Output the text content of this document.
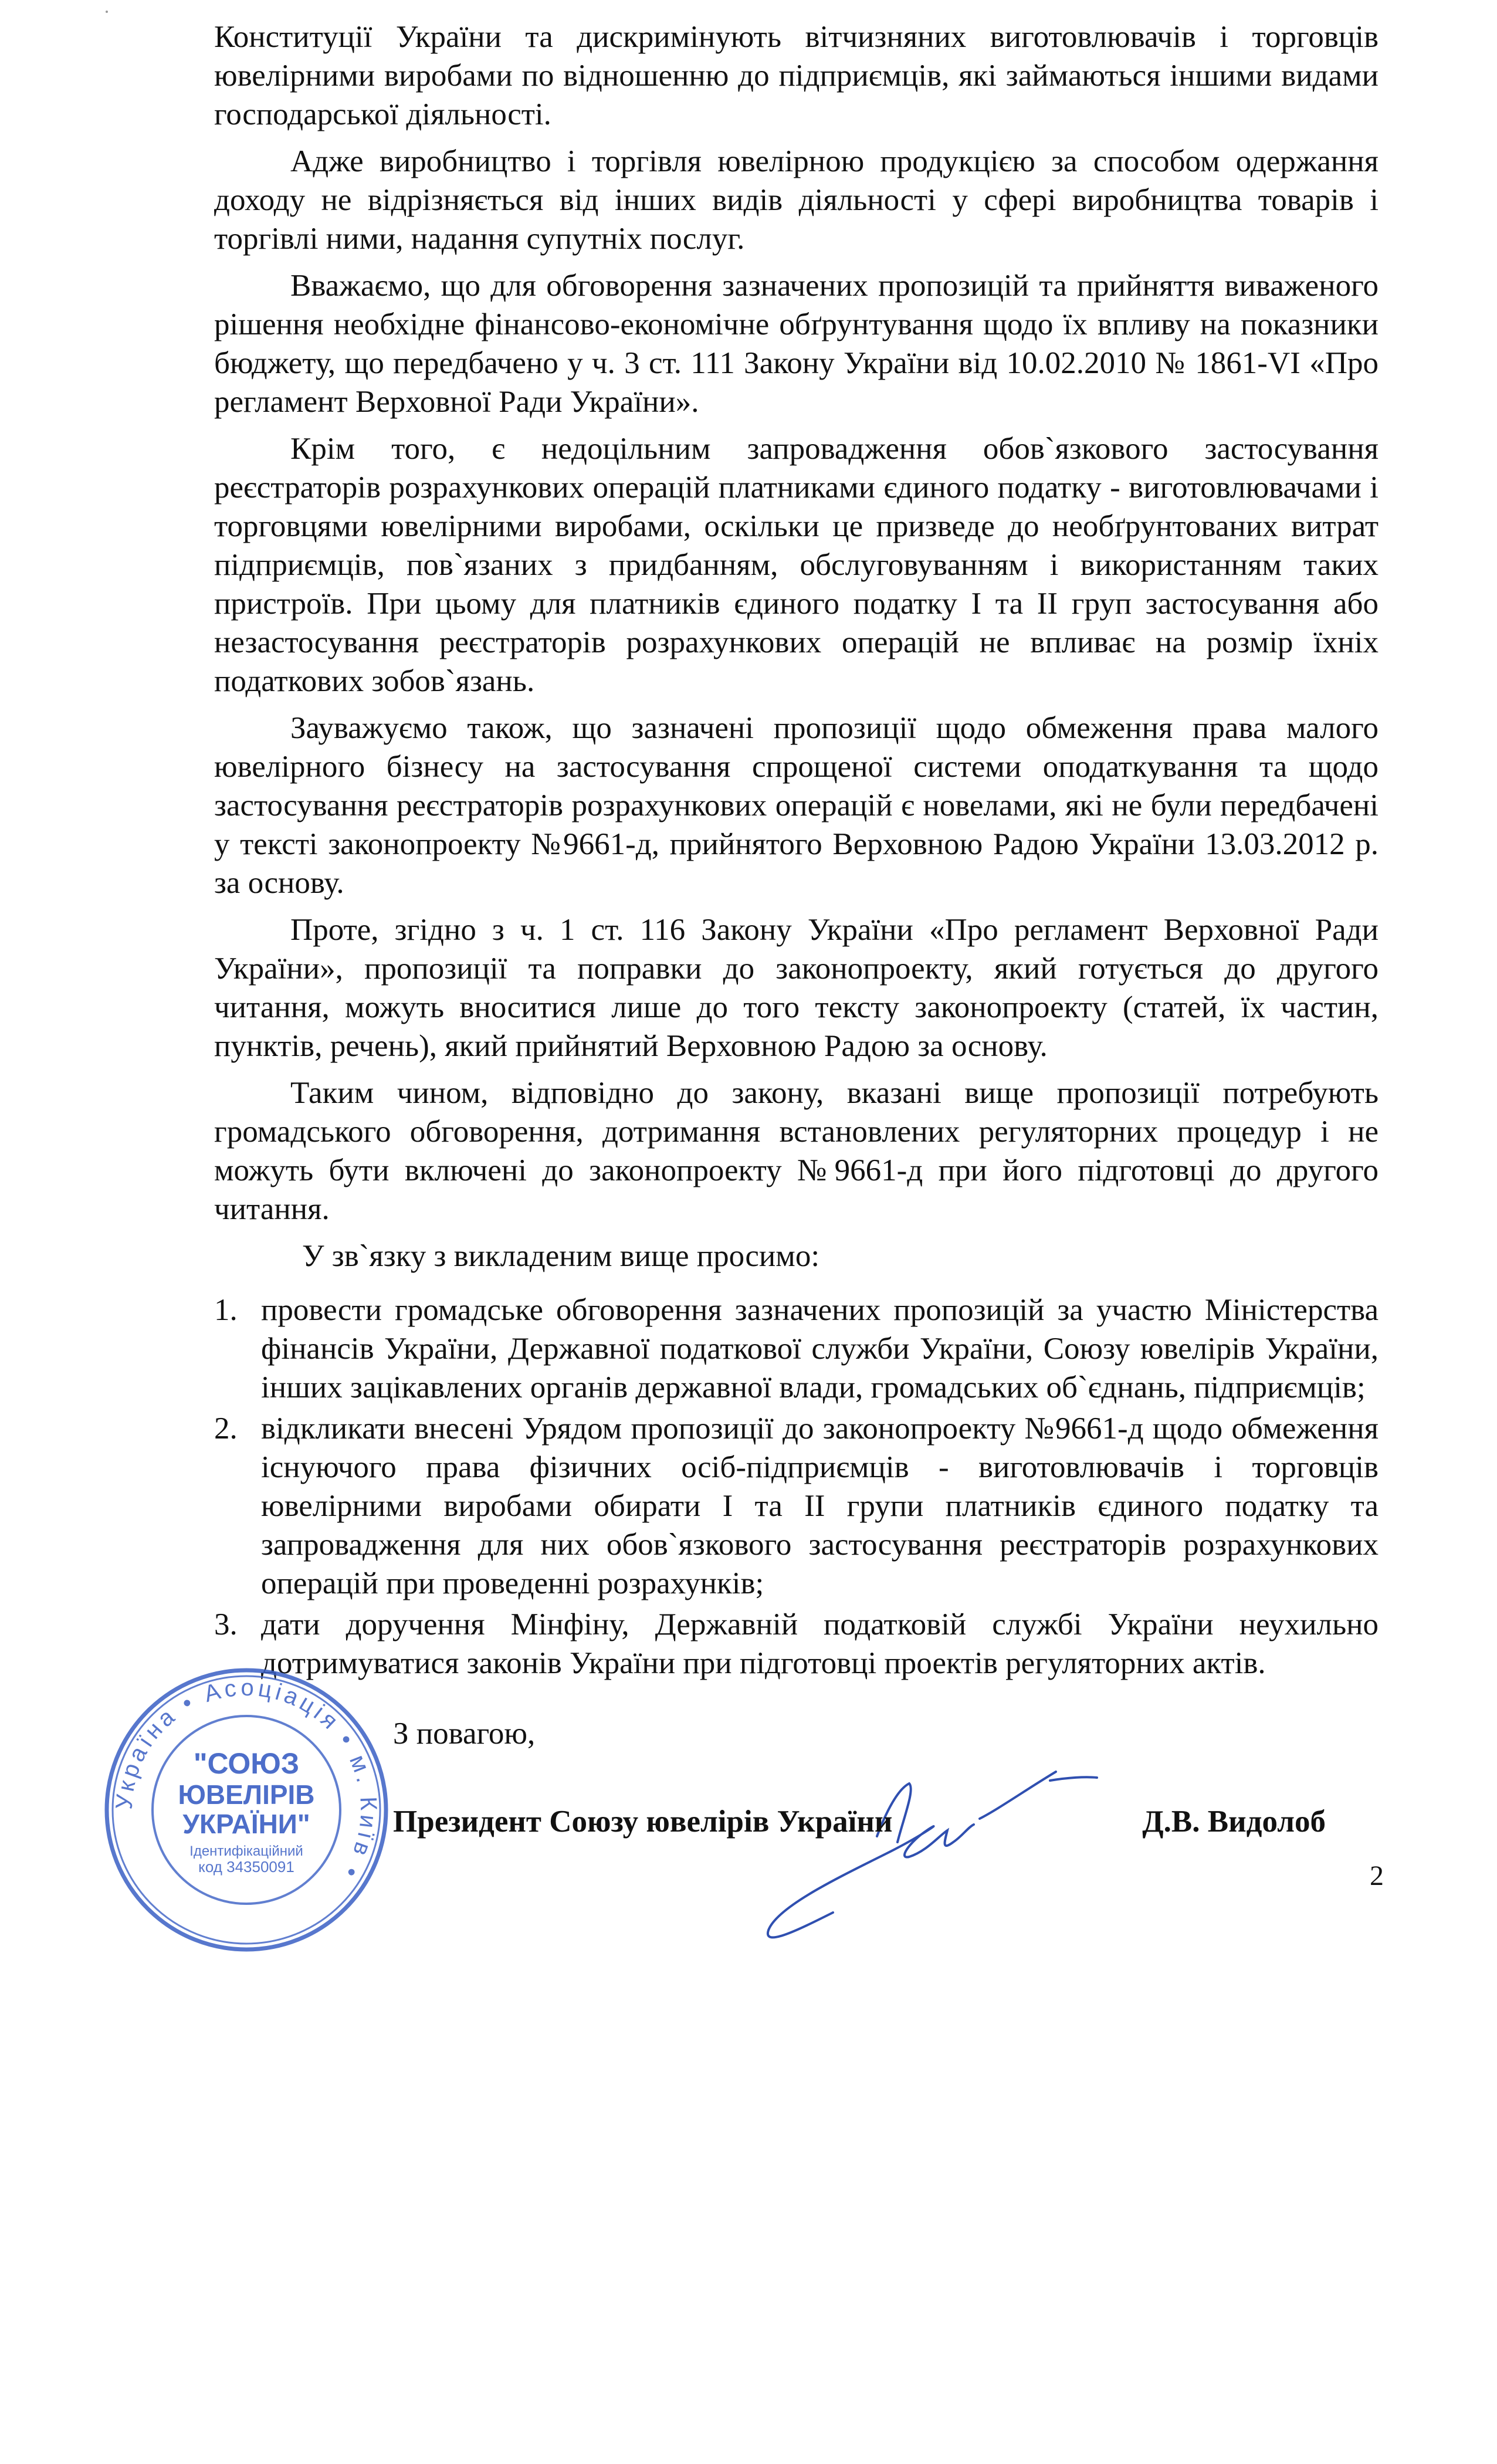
Конституції України та дискримінують вітчизняних виготовлювачів і торговців ювелірними виробами по відношенню до підприємців, які займаються іншими видами господарської діяльності.

Адже виробництво і торгівля ювелірною продукцією за способом одержання доходу не відрізняється від інших видів діяльності у сфері виробництва товарів і торгівлі ними, надання супутніх послуг.

Вважаємо, що для обговорення зазначених пропозицій та прийняття виваженого рішення необхідне фінансово-економічне обґрунтування щодо їх впливу на показники бюджету, що передбачено у ч. 3 ст. 111 Закону України від 10.02.2010 № 1861-VI «Про регламент Верховної Ради України».

Крім того, є недоцільним запровадження обов`язкового застосування реєстраторів розрахункових операцій платниками єдиного податку - виготовлювачами і торговцями ювелірними виробами, оскільки це призведе до необґрунтованих витрат підприємців, пов`язаних з придбанням, обслуговуванням і використанням таких пристроїв. При цьому для платників єдиного податку І та ІІ груп застосування або незастосування реєстраторів розрахункових операцій не впливає на розмір їхніх податкових зобов`язань.

Зауважуємо також, що зазначені пропозиції щодо обмеження права малого ювелірного бізнесу на застосування спрощеної системи оподаткування та щодо застосування реєстраторів розрахункових операцій є новелами, які не були передбачені у тексті законопроекту №9661-д, прийнятого Верховною Радою України 13.03.2012 р. за основу.

Проте, згідно з ч. 1 ст. 116 Закону України «Про регламент Верховної Ради України», пропозиції та поправки до законопроекту, який готується до другого читання, можуть вноситися лише до того тексту законопроекту (статей, їх частин, пунктів, речень), який прийнятий Верховною Радою за основу.

Таким чином, відповідно до закону, вказані вище пропозиції потребують громадського обговорення, дотримання встановлених регуляторних процедур і не можуть бути включені до законопроекту №9661-д при його підготовці до другого читання.

У зв`язку з викладеним вище просимо:

1. провести громадське обговорення зазначених пропозицій за участю Міністерства фінансів України, Державної податкової служби України, Союзу ювелірів України, інших зацікавлених органів державної влади, громадських об`єднань, підприємців;
2. відкликати внесені Урядом пропозиції до законопроекту №9661-д щодо обмеження існуючого права фізичних осіб-підприємців - виготовлювачів і торговців ювелірними виробами обирати І та ІІ групи платників єдиного податку та запровадження для них обов`язкового застосування реєстраторів розрахункових операцій при проведенні розрахунків;
3. дати доручення Мінфіну, Державній податковій службі України неухильно дотримуватися законів України при підготовці проектів регуляторних актів.
Україна • Асоціація • м. Київ •
"СОЮЗ
ЮВЕЛІРІВ
УКРАЇНИ"
Ідентифікаційний
код 34350091
З повагою,
Президент Союзу ювелірів України	Д.В. Видолоб
2
